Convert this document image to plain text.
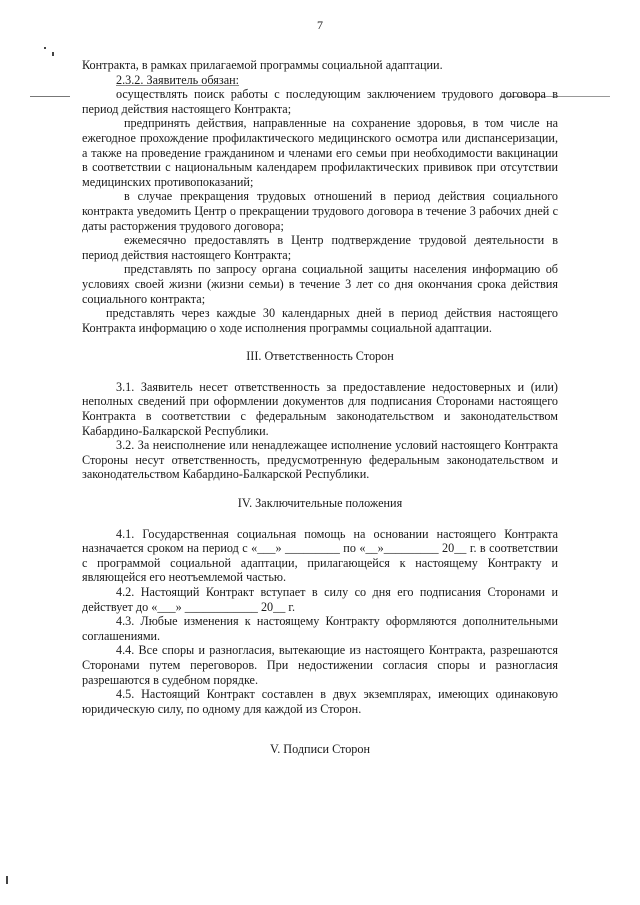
7

Контракта, в рамках прилагаемой программы социальной адаптации.

2.3.2. Заявитель обязан:

осуществлять поиск работы с последующим заключением трудового договора в период действия настоящего Контракта;

предпринять действия, направленные на сохранение здоровья, в том числе на ежегодное прохождение профилактического медицинского осмотра или диспансеризации, а также на проведение гражданином и членами его семьи при необходимости вакцинации в соответствии с национальным календарем профилактических прививок при отсутствии медицинских противопоказаний;

в случае прекращения трудовых отношений в период действия социального контракта уведомить Центр о прекращении трудового договора в течение 3 рабочих дней с даты расторжения трудового договора;

ежемесячно предоставлять в Центр подтверждение трудовой деятельности в период действия настоящего Контракта;

представлять по запросу органа социальной защиты населения информацию об условиях своей жизни (жизни семьи) в течение 3 лет со дня окончания срока действия социального контракта;

представлять через каждые 30 календарных дней в период действия настоящего Контракта информацию о ходе исполнения программы социальной адаптации.

III. Ответственность Сторон

3.1. Заявитель несет ответственность за предоставление недостоверных и (или) неполных сведений при оформлении документов для подписания Сторонами настоящего Контракта в соответствии с федеральным законодательством и законодательством Кабардино-Балкарской Республики.

3.2. За неисполнение или ненадлежащее исполнение условий настоящего Контракта Стороны несут ответственность, предусмотренную федеральным законодательством и законодательством Кабардино-Балкарской Республики.

IV. Заключительные положения

4.1. Государственная социальная помощь на основании настоящего Контракта назначается сроком на период с «___» _________ по «__»_________ 20__ г. в соответствии с программой социальной адаптации, прилагающейся к настоящему Контракту и являющейся его неотъемлемой частью.

4.2. Настоящий Контракт вступает в силу со дня его подписания Сторонами и действует до «___» ____________ 20__ г.

4.3. Любые изменения к настоящему Контракту оформляются дополнительными соглашениями.

4.4. Все споры и разногласия, вытекающие из настоящего Контракта, разрешаются Сторонами путем переговоров. При недостижении согласия споры и разногласия разрешаются в судебном порядке.

4.5. Настоящий Контракт составлен в двух экземплярах, имеющих одинаковую юридическую силу, по одному для каждой из Сторон.

V. Подписи Сторон
